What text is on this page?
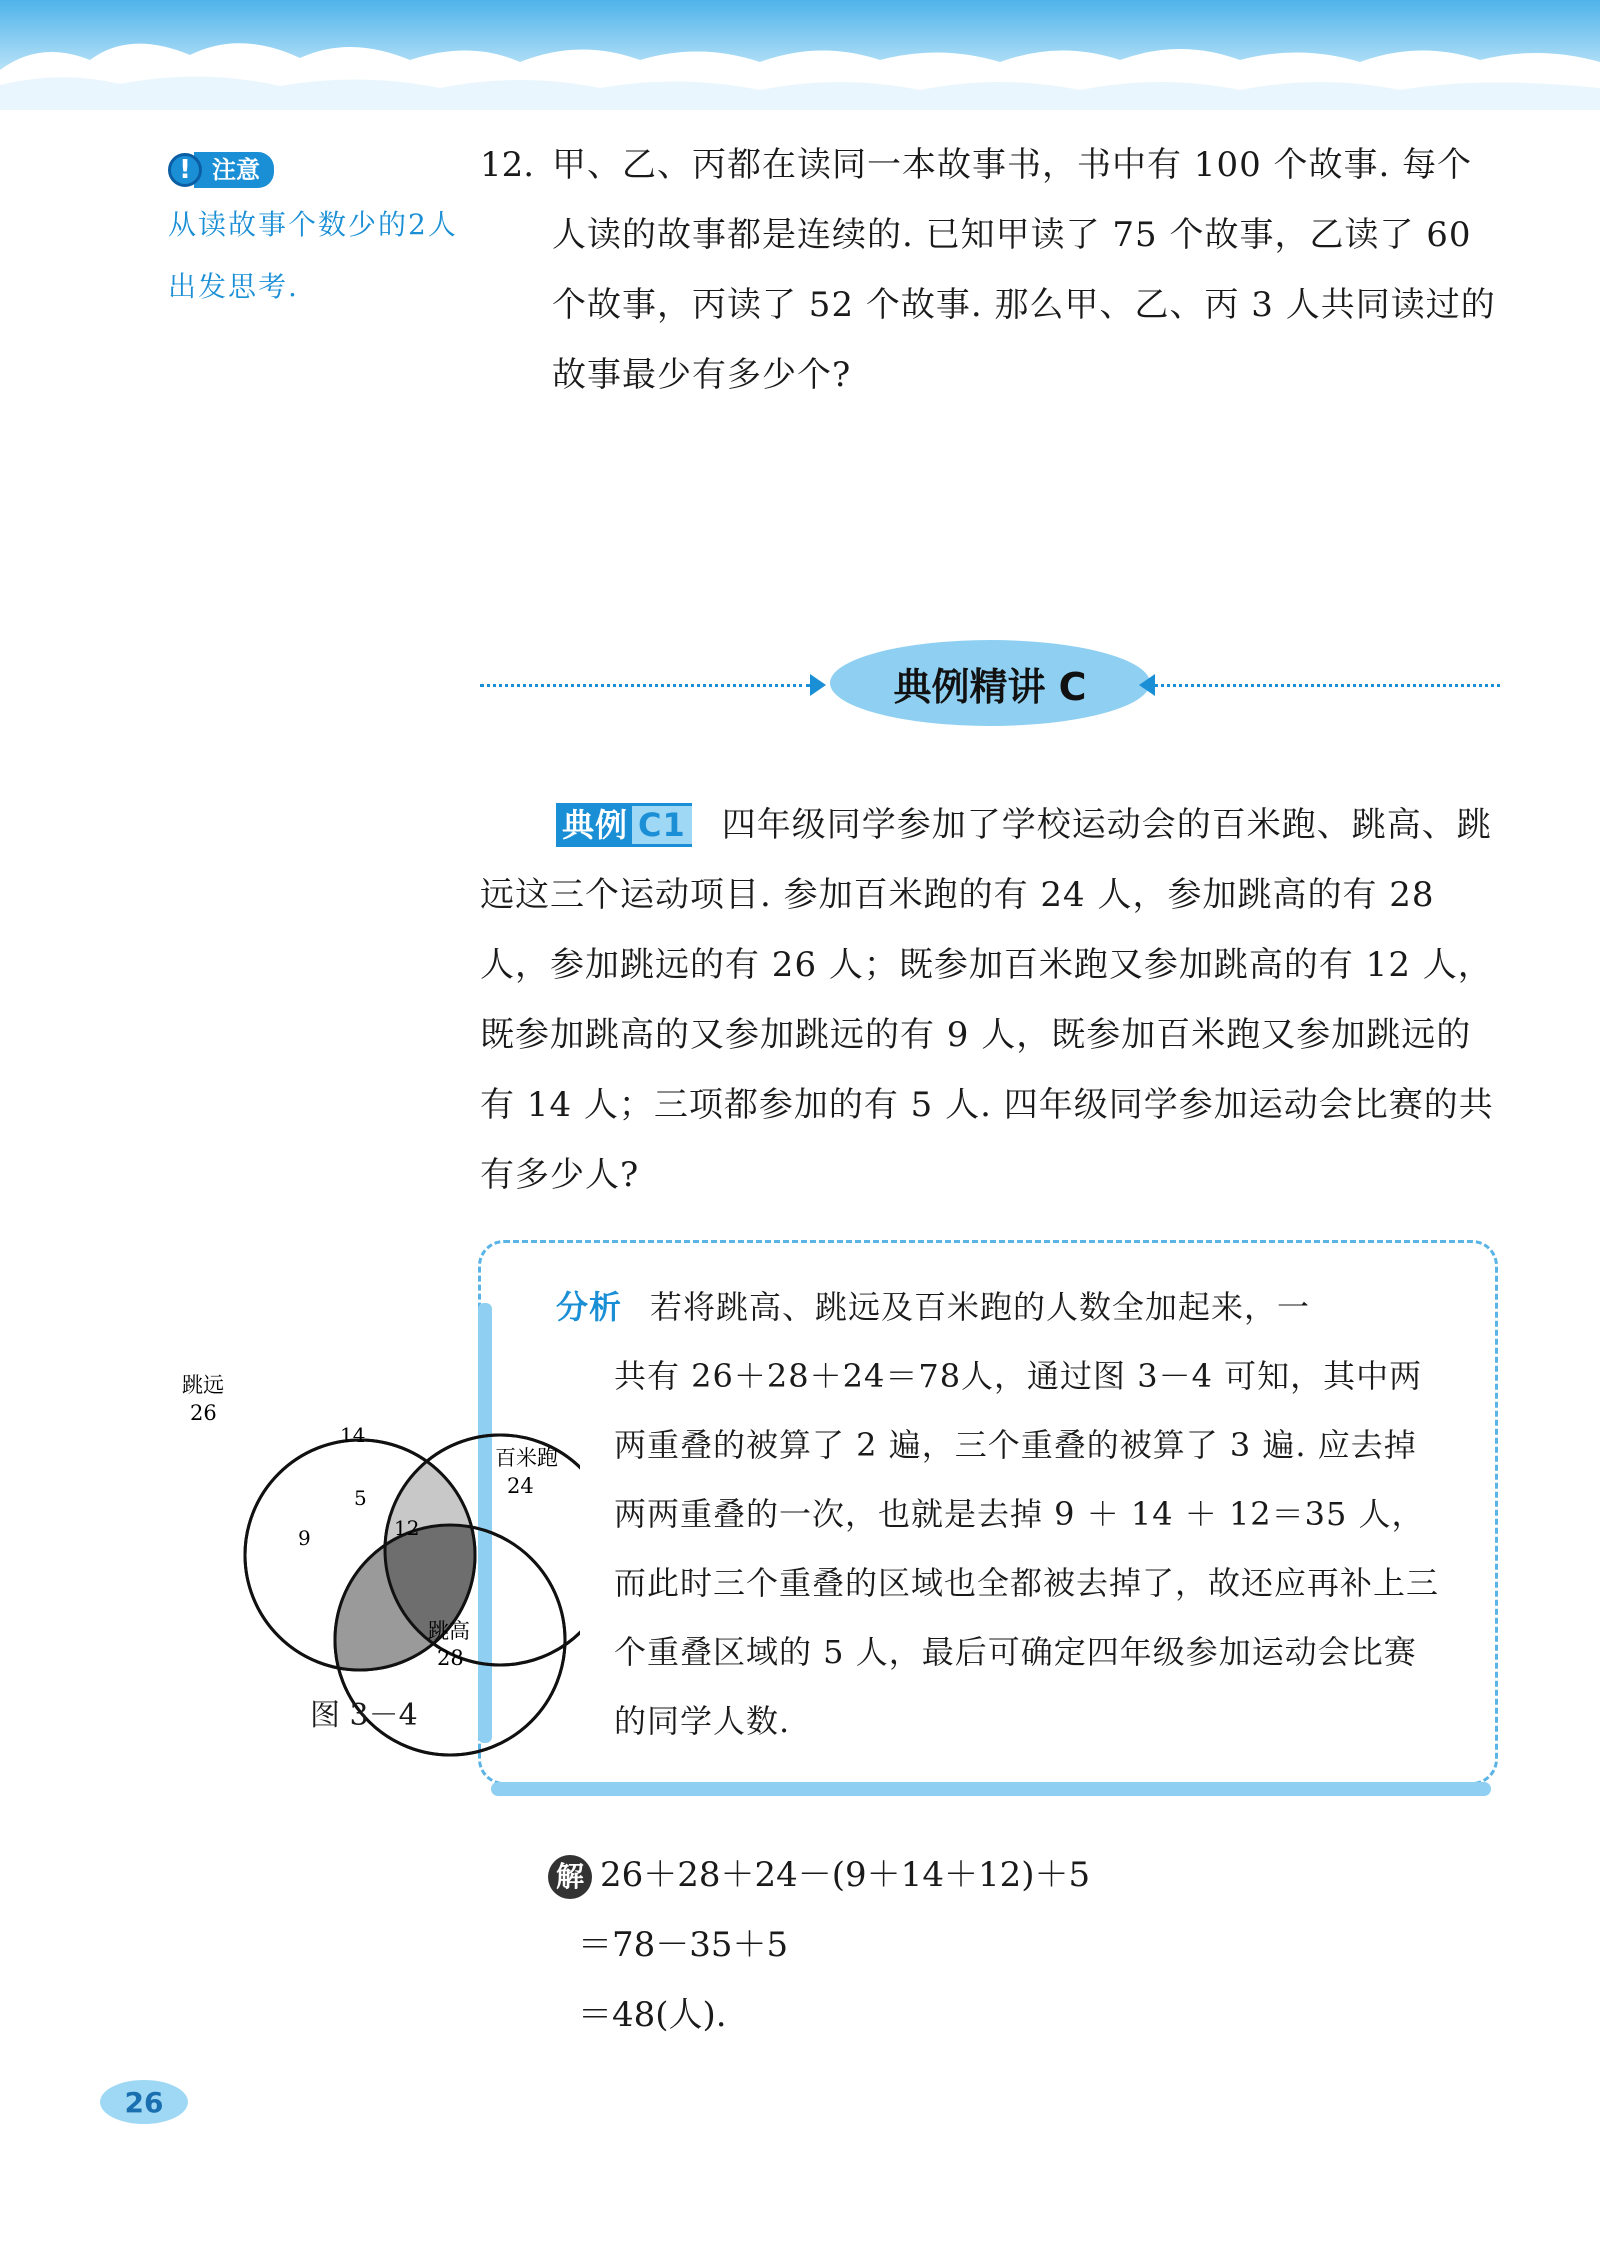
! 注意
从读故事个数少的2人出发思考.
12. 甲、乙、丙都在读同一本故事书，书中有 100 个故事. 每个人读的故事都是连续的. 已知甲读了 75 个故事，乙读了 60 个故事，丙读了 52 个故事. 那么甲、乙、丙 3 人共同读过的故事最少有多少个?
典例精讲 C
典例 C1 四年级同学参加了学校运动会的百米跑、跳高、跳远这三个运动项目. 参加百米跑的有 24 人，参加跳高的有 28 人，参加跳远的有 26 人；既参加百米跑又参加跳高的有 12 人，既参加跳高的又参加跳远的有 9 人，既参加百米跑又参加跳远的有 14 人；三项都参加的有 5 人. 四年级同学参加运动会比赛的共有多少人?
分析 若将跳高、跳远及百米跑的人数全加起来，一
共有 26＋28＋24＝78人，通过图 3－4 可知，其中两两重叠的被算了 2 遍，三个重叠的被算了 3 遍. 应去掉两两重叠的一次，也就是去掉 9 ＋ 14 ＋ 12＝35 人，而此时三个重叠的区域也全都被去掉了，故还应再补上三个重叠区域的 5 人，最后可确定四年级参加运动会比赛的同学人数.
跳远
26
百米跑
24
跳高
28
14
5
9	12
图 3－4
解 26＋28＋24－(9＋14＋12)＋5
＝78－35＋5
＝48(人).
26
